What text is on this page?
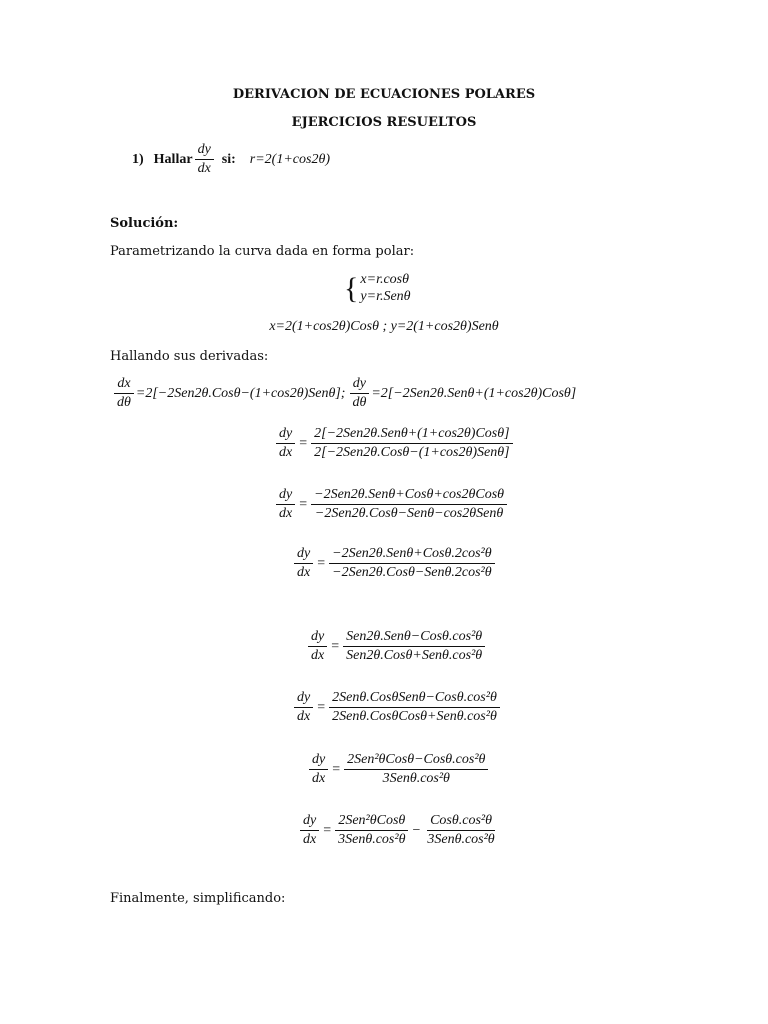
DERIVACION DE ECUACIONES POLARES
EJERCICIOS RESUELTOS
1) Hallar $\frac{dy}{dx}$ si: r=2(1+cos2θ)
Solución:
Parametrizando la curva dada en forma polar:
{ x=r.cosθ
y=r.Senθ
x=2(1+cos2θ)Cosθ ; y=2(1+cos2θ)Senθ
Hallando sus derivadas:
$\frac{dx}{d\theta} =2[-2Sen2\theta.Cos\theta-(1+\cos 2\theta)Sen\theta]$; $\frac{dy}{d\theta} =2[-2Sen2\theta.Sen\theta+(1+\cos 2\theta)Cos\theta]$
$\frac{dy}{dx} = \frac{\text{2[−2Sen2θ.Senθ+(1+cos2θ)Cosθ]}}{\text{2[−2Sen2θ.Cosθ−(1+cos2θ)Senθ]}}$
$\frac{dy}{dx} = \frac{\text{−2Sen2θ.Senθ+Cosθ+cos2θCosθ}}{\text{−2Sen2θ.Cosθ−Senθ−cos2θSenθ}}$
$\frac{dy}{dx} = \frac{\text{−2Sen2θ.Senθ+Cosθ.2cos²θ}}{\text{−2Sen2θ.Cosθ−Senθ.2cos²θ}}$
$\frac{dy}{dx} = \frac{\text{Sen2θ.Senθ−Cosθ.cos²θ}}{\text{Sen2θ.Cosθ+Senθ.cos²θ}}$
$\frac{dy}{dx} = \frac{\text{2Senθ.CosθSenθ−Cosθ.cos²θ}}{\text{2Senθ.CosθCosθ+Senθ.cos²θ}}$
$\frac{dy}{dx} = \frac{\text{2Sen²θCosθ−Cosθ.cos²θ}}{\text{3Senθ.cos²θ}}$
$\frac{dy}{dx} = \frac{\text{2Sen²θCosθ}}{\text{3Senθ.cos²θ}} - \frac{\text{Cosθ.cos²θ}}{\text{3Senθ.cos²θ}}$
Finalmente, simplificando:
